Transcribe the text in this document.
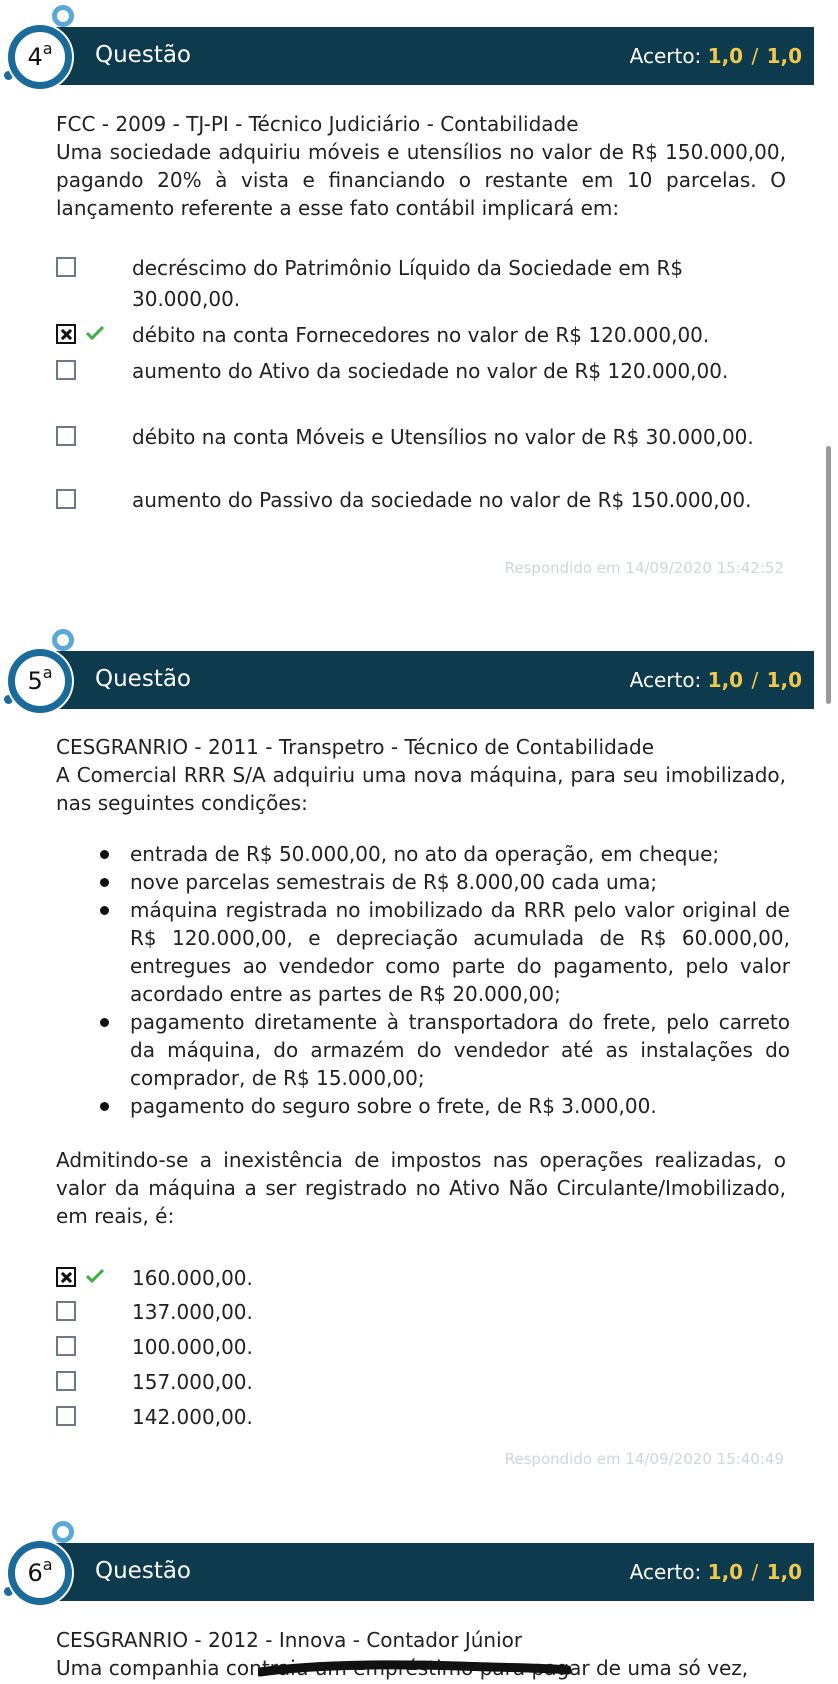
4$^a$ Questão	Acerto: 1,0 / 1,0
FCC - 2009 - TJ-PI - Técnico Judiciário - Contabilidade
Uma sociedade adquiriu móveis e utensílios no valor de R$ 150.000,00, pagando 20% à vista e financiando o restante em 10 parcelas. O lançamento referente a esse fato contábil implicará em:
decréscimo do Patrimônio Líquido da Sociedade em R$ 30.000,00.
débito na conta Fornecedores no valor de R$ 120.000,00.
aumento do Ativo da sociedade no valor de R$ 120.000,00.
débito na conta Móveis e Utensílios no valor de R$ 30.000,00.
aumento do Passivo da sociedade no valor de R$ 150.000,00.
Respondido em 14/09/2020 15:42:52
5$^a$ Questão	Acerto: 1,0 / 1,0
CESGRANRIO - 2011 - Transpetro - Técnico de Contabilidade
A Comercial RRR S/A adquiriu uma nova máquina, para seu imobilizado, nas seguintes condições:
entrada de R$ 50.000,00, no ato da operação, em cheque;
nove parcelas semestrais de R$ 8.000,00 cada uma;
máquina registrada no imobilizado da RRR pelo valor original de R$ 120.000,00, e depreciação acumulada de R$ 60.000,00, entregues ao vendedor como parte do pagamento, pelo valor acordado entre as partes de R$ 20.000,00;
pagamento diretamente à transportadora do frete, pelo carreto da máquina, do armazém do vendedor até as instalações do comprador, de R$ 15.000,00;
pagamento do seguro sobre o frete, de R$ 3.000,00.
Admitindo-se a inexistência de impostos nas operações realizadas, o valor da máquina a ser registrado no Ativo Não Circulante/Imobilizado, em reais, é:
160.000,00.
137.000,00.
100.000,00.
157.000,00.
142.000,00.
Respondido em 14/09/2020 15:40:49
6$^a$ Questão	Acerto: 1,0 / 1,0
CESGRANRIO - 2012 - Innova - Contador Júnior
Uma companhia contraiu um empréstimo para pagar de uma só vez,
